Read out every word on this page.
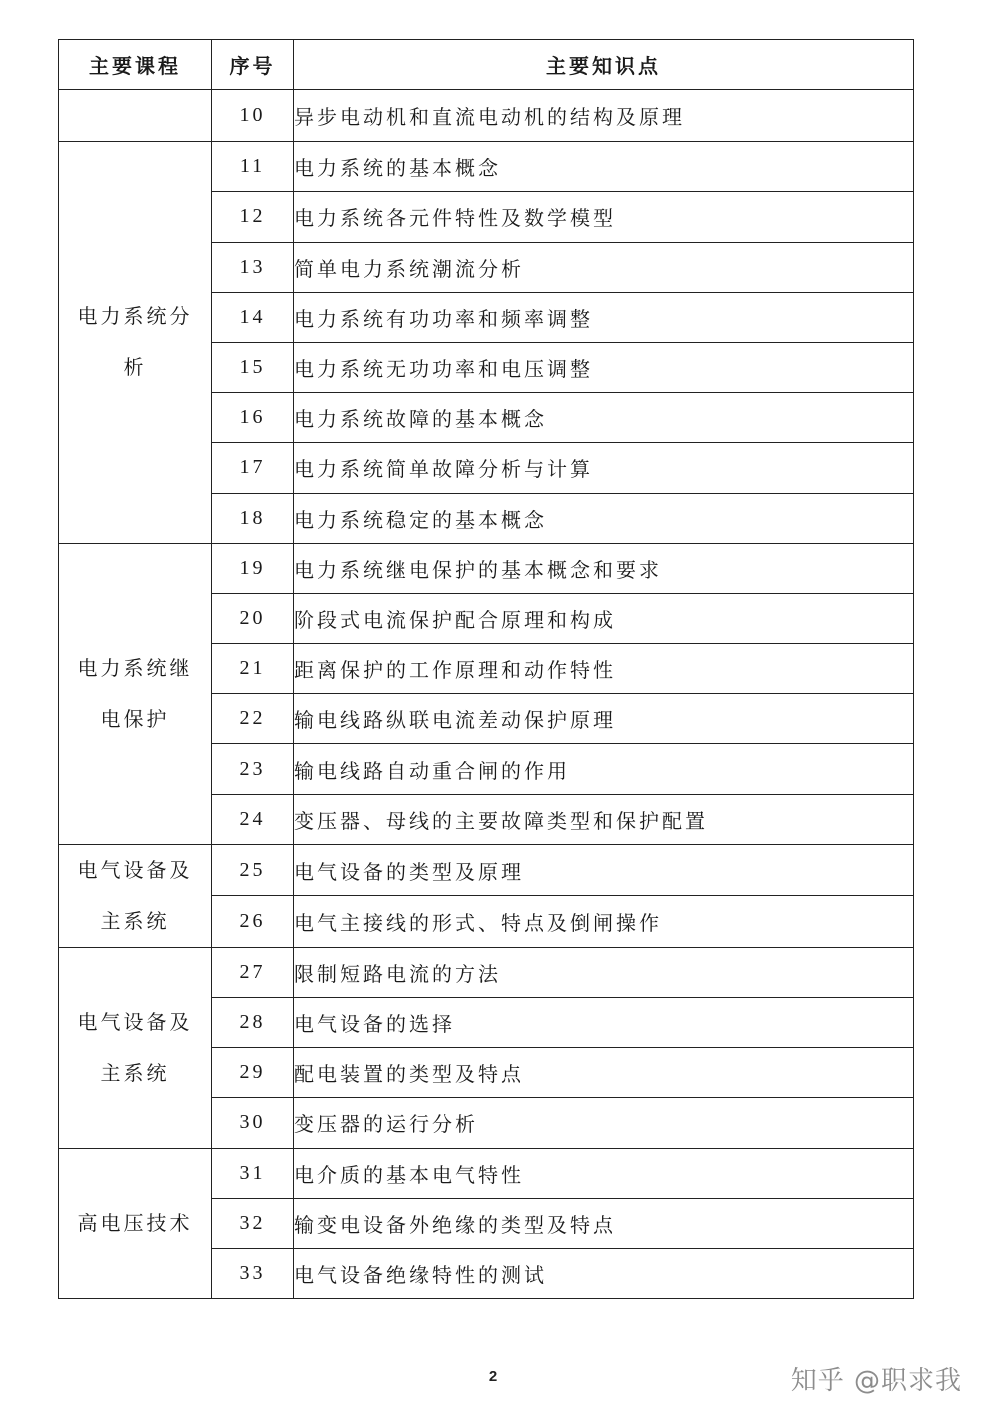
主要课程	序号	主要知识点
	10	异步电动机和直流电动机的结构及原理
电力系统分析	11	电力系统的基本概念
	12	电力系统各元件特性及数学模型
	13	简单电力系统潮流分析
	14	电力系统有功功率和频率调整
	15	电力系统无功功率和电压调整
	16	电力系统故障的基本概念
	17	电力系统简单故障分析与计算
	18	电力系统稳定的基本概念
电力系统继电保护	19	电力系统继电保护的基本概念和要求
	20	阶段式电流保护配合原理和构成
	21	距离保护的工作原理和动作特性
	22	输电线路纵联电流差动保护原理
	23	输电线路自动重合闸的作用
	24	变压器、母线的主要故障类型和保护配置
电气设备及主系统	25	电气设备的类型及原理
	26	电气主接线的形式、特点及倒闸操作
电气设备及主系统	27	限制短路电流的方法
	28	电气设备的选择
	29	配电装置的类型及特点
	30	变压器的运行分析
高电压技术	31	电介质的基本电气特性
	32	输变电设备外绝缘的类型及特点
	33	电气设备绝缘特性的测试
2	知乎 @职求我
